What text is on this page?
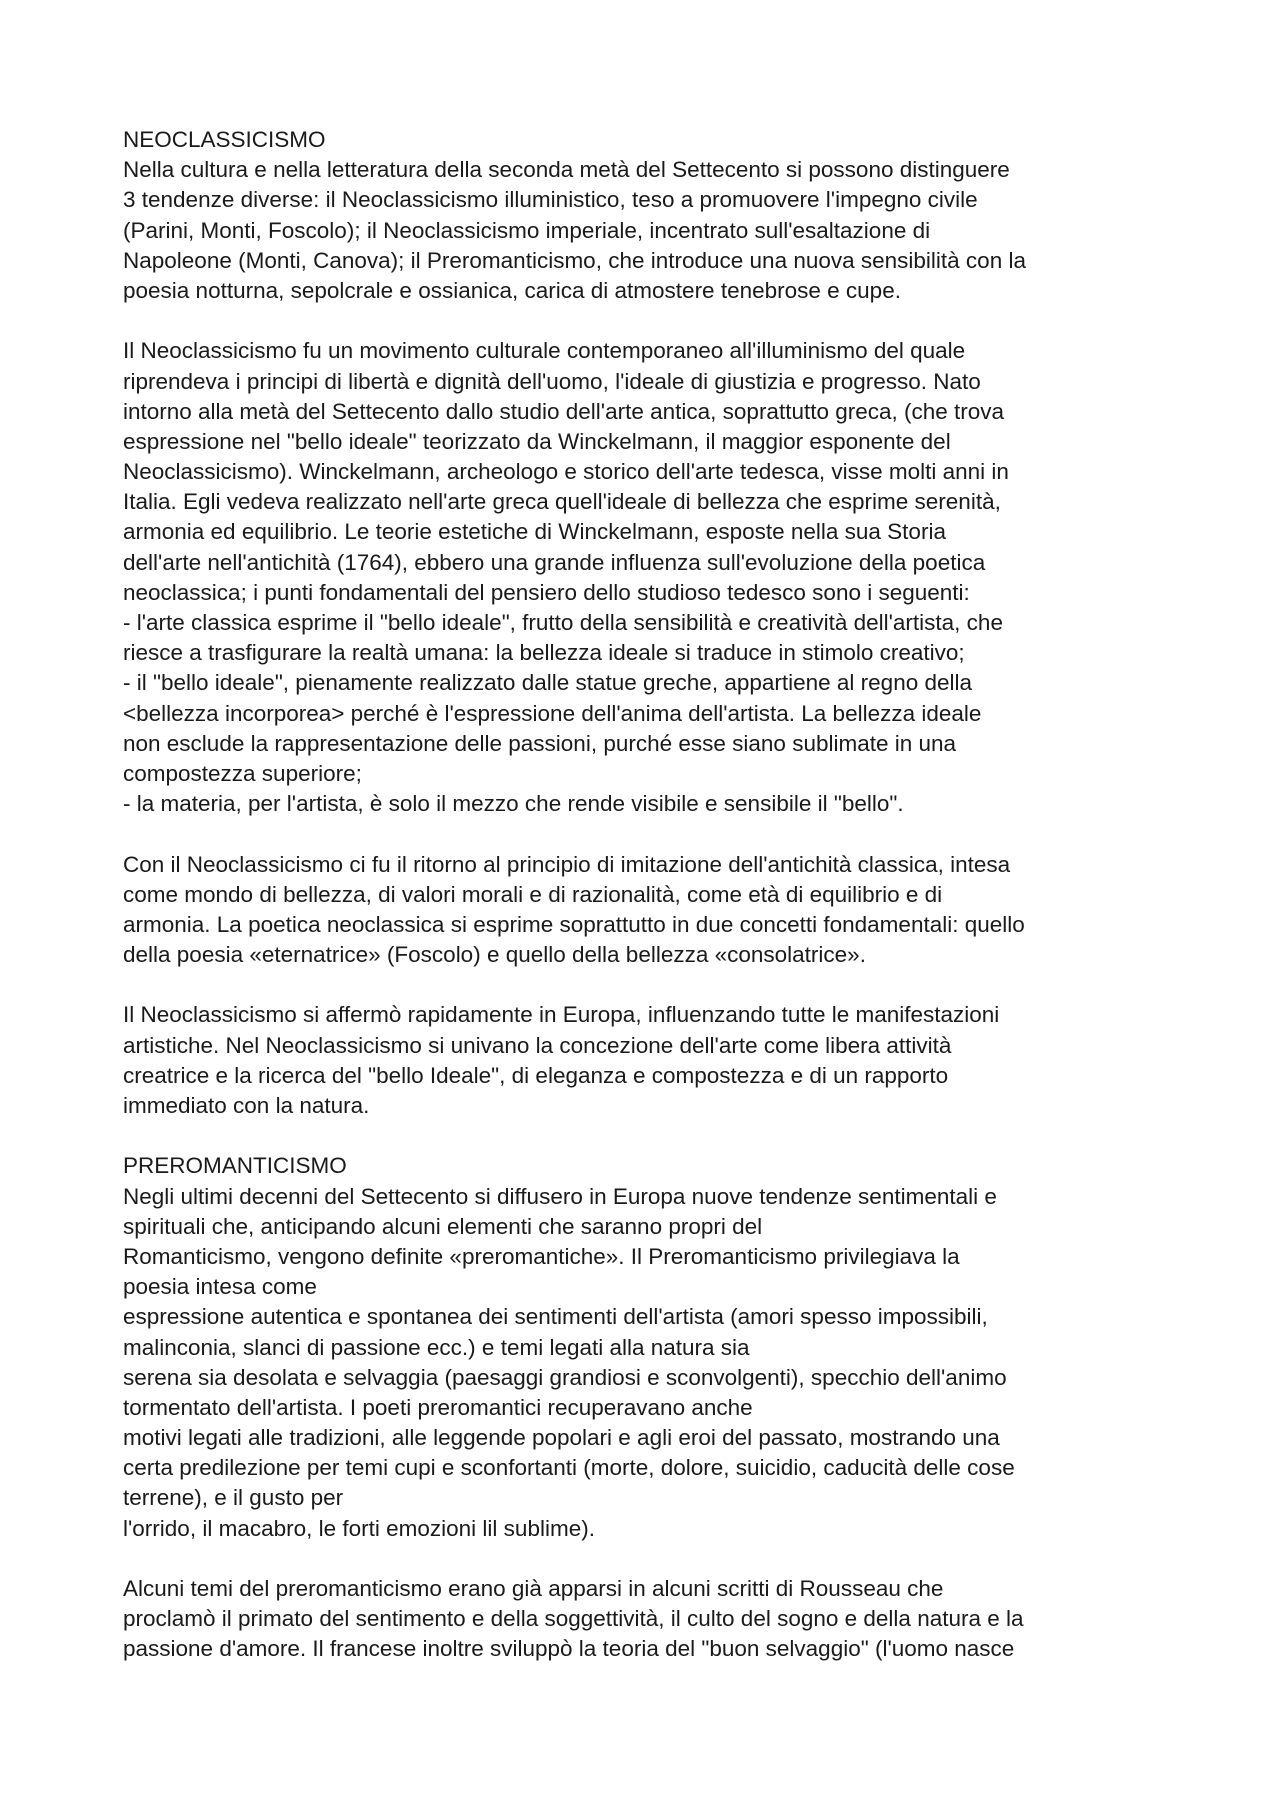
NEOCLASSICISMO
Nella cultura e nella letteratura della seconda metà del Settecento si possono distinguere
3 tendenze diverse: il Neoclassicismo illuministico, teso a promuovere l'impegno civile
(Parini, Monti, Foscolo); il Neoclassicismo imperiale, incentrato sull'esaltazione di
Napoleone (Monti, Canova); il Preromanticismo, che introduce una nuova sensibilità con la
poesia notturna, sepolcrale e ossianica, carica di atmostere tenebrose e cupe.
Il Neoclassicismo fu un movimento culturale contemporaneo all'illuminismo del quale
riprendeva i principi di libertà e dignità dell'uomo, l'ideale di giustizia e progresso. Nato
intorno alla metà del Settecento dallo studio dell'arte antica, soprattutto greca, (che trova
espressione nel "bello ideale" teorizzato da Winckelmann, il maggior esponente del
Neoclassicismo). Winckelmann, archeologo e storico dell'arte tedesca, visse molti anni in
Italia. Egli vedeva realizzato nell'arte greca quell'ideale di bellezza che esprime serenità,
armonia ed equilibrio. Le teorie estetiche di Winckelmann, esposte nella sua Storia
dell'arte nell'antichità (1764), ebbero una grande influenza sull'evoluzione della poetica
neoclassica; i punti fondamentali del pensiero dello studioso tedesco sono i seguenti:
- l'arte classica esprime il "bello ideale", frutto della sensibilità e creatività dell'artista, che
riesce a trasfigurare la realtà umana: la bellezza ideale si traduce in stimolo creativo;
- il "bello ideale", pienamente realizzato dalle statue greche, appartiene al regno della
<bellezza incorporea> perché è l'espressione dell'anima dell'artista. La bellezza ideale
non esclude la rappresentazione delle passioni, purché esse siano sublimate in una
compostezza superiore;
- la materia, per l'artista, è solo il mezzo che rende visibile e sensibile il "bello".
Con il Neoclassicismo ci fu il ritorno al principio di imitazione dell'antichità classica, intesa
come mondo di bellezza, di valori morali e di razionalità, come età di equilibrio e di
armonia. La poetica neoclassica si esprime soprattutto in due concetti fondamentali: quello
della poesia «eternatrice» (Foscolo) e quello della bellezza «consolatrice».
Il Neoclassicismo si affermò rapidamente in Europa, influenzando tutte le manifestazioni
artistiche. Nel Neoclassicismo si univano la concezione dell'arte come libera attività
creatrice e la ricerca del "bello Ideale", di eleganza e compostezza e di un rapporto
immediato con la natura.
PREROMANTICISMO
Negli ultimi decenni del Settecento si diffusero in Europa nuove tendenze sentimentali e
spirituali che, anticipando alcuni elementi che saranno propri del
Romanticismo, vengono definite «preromantiche». Il Preromanticismo privilegiava la
poesia intesa come
espressione autentica e spontanea dei sentimenti dell'artista (amori spesso impossibili,
malinconia, slanci di passione ecc.) e temi legati alla natura sia
serena sia desolata e selvaggia (paesaggi grandiosi e sconvolgenti), specchio dell'animo
tormentato dell'artista. I poeti preromantici recuperavano anche
motivi legati alle tradizioni, alle leggende popolari e agli eroi del passato, mostrando una
certa predilezione per temi cupi e sconfortanti (morte, dolore, suicidio, caducità delle cose
terrene), e il gusto per
l'orrido, il macabro, le forti emozioni lil sublime).
Alcuni temi del preromanticismo erano già apparsi in alcuni scritti di Rousseau che
proclamò il primato del sentimento e della soggettività, il culto del sogno e della natura e la
passione d'amore. Il francese inoltre sviluppò la teoria del "buon selvaggio" (l'uomo nasce
